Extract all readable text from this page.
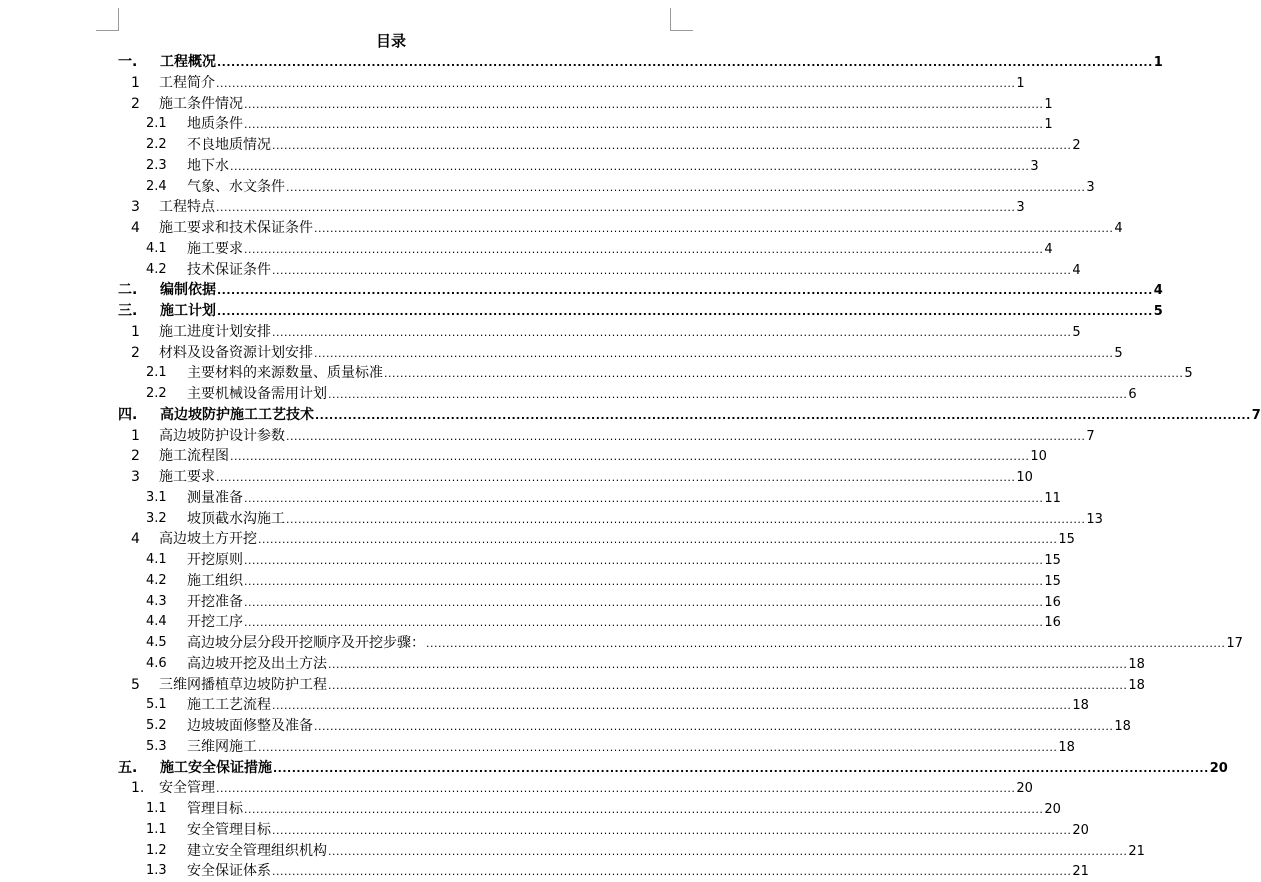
目录
一. 工程概况 ........................................................................................................................................................................................................ 1
1 工程简介 ........................................................................................................................................................................................................ 1
2 施工条件情况 ........................................................................................................................................................................................................ 1
2.1 地质条件 ........................................................................................................................................................................................................ 1
2.2 不良地质情况 ........................................................................................................................................................................................................ 2
2.3 地下水 ........................................................................................................................................................................................................ 3
2.4 气象、水文条件 ........................................................................................................................................................................................................ 3
3 工程特点 ........................................................................................................................................................................................................ 3
4 施工要求和技术保证条件 ........................................................................................................................................................................................................ 4
4.1 施工要求 ........................................................................................................................................................................................................ 4
4.2 技术保证条件 ........................................................................................................................................................................................................ 4
二. 编制依据 ........................................................................................................................................................................................................ 4
三. 施工计划 ........................................................................................................................................................................................................ 5
1 施工进度计划安排 ........................................................................................................................................................................................................ 5
2 材料及设备资源计划安排 ........................................................................................................................................................................................................ 5
2.1 主要材料的来源数量、质量标准 ........................................................................................................................................................................................................ 5
2.2 主要机械设备需用计划 ........................................................................................................................................................................................................ 6
四. 高边坡防护施工工艺技术 ........................................................................................................................................................................................................ 7
1 高边坡防护设计参数 ........................................................................................................................................................................................................ 7
2 施工流程图 ........................................................................................................................................................................................................ 10
3 施工要求 ........................................................................................................................................................................................................ 10
3.1 测量准备 ........................................................................................................................................................................................................ 11
3.2 坡顶截水沟施工 ........................................................................................................................................................................................................ 13
4 高边坡土方开挖 ........................................................................................................................................................................................................ 15
4.1 开挖原则 ........................................................................................................................................................................................................ 15
4.2 施工组织 ........................................................................................................................................................................................................ 15
4.3 开挖准备 ........................................................................................................................................................................................................ 16
4.4 开挖工序 ........................................................................................................................................................................................................ 16
4.5 高边坡分层分段开挖顺序及开挖步骤： ........................................................................................................................................................................................................ 17
4.6 高边坡开挖及出土方法 ........................................................................................................................................................................................................ 18
5 三维网播植草边坡防护工程 ........................................................................................................................................................................................................ 18
5.1 施工工艺流程 ........................................................................................................................................................................................................ 18
5.2 边坡坡面修整及准备 ........................................................................................................................................................................................................ 18
5.3 三维网施工 ........................................................................................................................................................................................................ 18
五. 施工安全保证措施 ........................................................................................................................................................................................................ 20
1. 安全管理 ........................................................................................................................................................................................................ 20
1.1 管理目标 ........................................................................................................................................................................................................ 20
1.1 安全管理目标 ........................................................................................................................................................................................................ 20
1.2 建立安全管理组织机构 ........................................................................................................................................................................................................ 21
1.3 安全保证体系 ........................................................................................................................................................................................................ 21
